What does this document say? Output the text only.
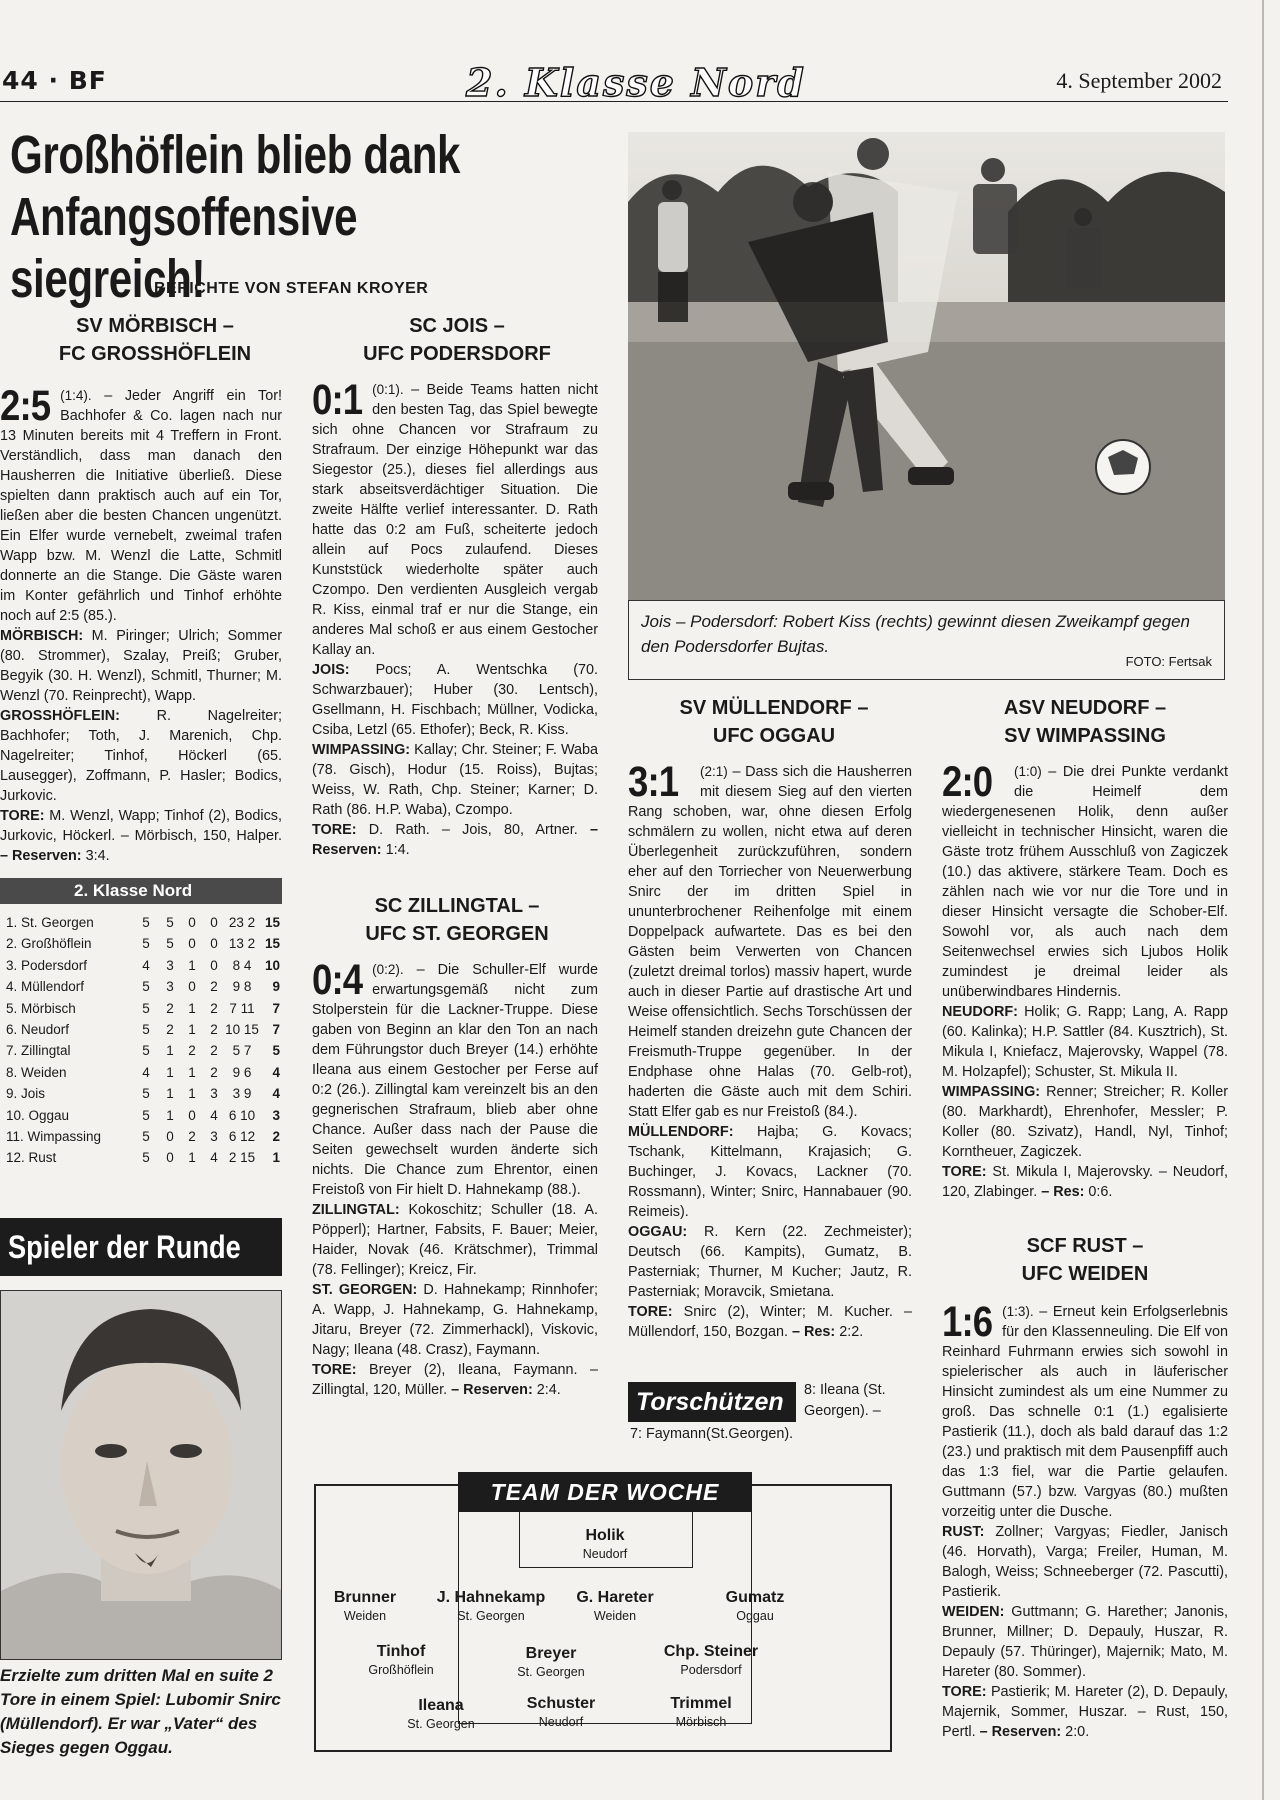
44 · BF	2. Klasse Nord	4. September 2002
Großhöflein blieb dank
Anfangsoffensive siegreich!
BERICHTE VON STEFAN KROYER
SV MÖRBISCH –
FC GROSSHÖFLEIN

2:5 (1:4). – Jeder Angriff ein Tor! Bachhofer & Co. lagen nach nur 13 Minuten bereits mit 4 Treffern in Front. Verständlich, dass man danach den Hausherren die Initiative überließ. Diese spielten dann praktisch auch auf ein Tor, ließen aber die besten Chancen ungenützt. Ein Elfer wurde vernebelt, zweimal trafen Wapp bzw. M. Wenzl die Latte, Schmitl donnerte an die Stange. Die Gäste waren im Konter gefährlich und Tinhof erhöhte noch auf 2:5 (85.).

MÖRBISCH: M. Piringer; Ulrich; Sommer (80. Strommer), Szalay, Preiß; Gruber, Begyik (30. H. Wenzl), Schmitl, Thurner; M. Wenzl (70. Reinprecht), Wapp.

GROSSHÖFLEIN: R. Nagelreiter; Bachhofer; Toth, J. Marenich, Chp. Nagelreiter; Tinhof, Höckerl (65. Lausegger), Zoffmann, P. Hasler; Bodics, Jurkovic.

TORE: M. Wenzl, Wapp; Tinhof (2), Bodics, Jurkovic, Höckerl. – Mörbisch, 150, Halper. – Reserven: 3:4.

SC JOIS –
UFC PODERSDORF

0:1 (0:1). – Beide Teams hatten nicht den besten Tag, das Spiel bewegte sich ohne Chancen vor Strafraum zu Strafraum. Der einzige Höhepunkt war das Siegestor (25.), dieses fiel allerdings aus stark abseitsverdächtiger Situation. Die zweite Hälfte verlief interessanter. D. Rath hatte das 0:2 am Fuß, scheiterte jedoch allein auf Pocs zulaufend. Dieses Kunststück wiederholte später auch Czompo. Den verdienten Ausgleich vergab R. Kiss, einmal traf er nur die Stange, ein anderes Mal schoß er aus einem Gestocher Kallay an.

JOIS: Pocs; A. Wentschka (70. Schwarzbauer); Huber (30. Lentsch), Gsellmann, H. Fischbach; Müllner, Vodicka, Csiba, Letzl (65. Ethofer); Beck, R. Kiss.

WIMPASSING: Kallay; Chr. Steiner; F. Waba (78. Gisch), Hodur (15. Roiss), Bujtas; Weiss, W. Rath, Chp. Steiner; Karner; D. Rath (86. H.P. Waba), Czompo.

TORE: D. Rath. – Jois, 80, Artner. – Reserven: 1:4.

SC ZILLINGTAL –
UFC ST. GEORGEN

0:4 (0:2). – Die Schuller-Elf wurde erwartungsgemäß nicht zum Stolperstein für die Lackner-Truppe. Diese gaben von Beginn an klar den Ton an nach dem Führungstor duch Breyer (14.) erhöhte Ileana aus einem Gestocher per Ferse auf 0:2 (26.). Zillingtal kam vereinzelt bis an den gegnerischen Strafraum, blieb aber ohne Chance. Außer dass nach der Pause die Seiten gewechselt wurden änderte sich nichts. Die Chance zum Ehrentor, einen Freistoß von Fir hielt D. Hahnekamp (88.).

ZILLINGTAL: Kokoschitz; Schuller (18. A. Pöpperl); Hartner, Fabsits, F. Bauer; Meier, Haider, Novak (46. Krätschmer), Trimmal (78. Fellinger); Kreicz, Fir.

ST. GEORGEN: D. Hahnekamp; Rinnhofer; A. Wapp, J. Hahnekamp, G. Hahnekamp, Jitaru, Breyer (72. Zimmerhackl), Viskovic, Nagy; Ileana (48. Crasz), Faymann.

TORE: Breyer (2), Ileana, Faymann. – Zillingtal, 120, Müller. – Reserven: 2:4.

Jois – Podersdorf: Robert Kiss (rechts) gewinnt diesen Zweikampf gegen den Podersdorfer Bujtas.
FOTO: Fertsak
SV MÜLLENDORF –
UFC OGGAU

3:1	(2:1) – Dass sich die Hausherren mit diesem Sieg auf den vierten Rang schoben, war, ohne diesen Erfolg schmälern zu wollen, nicht etwa auf deren Überlegenheit zurückzuführen, sondern eher auf den Torriecher von Neuerwerbung Snirc der im dritten Spiel in ununterbrochener Reihenfolge mit einem Doppelpack aufwartete. Das es bei den Gästen beim Verwerten von Chancen (zuletzt dreimal torlos) massiv hapert, wurde auch in dieser Partie auf drastische Art und Weise offensichtlich. Sechs Torschüssen der Heimelf standen dreizehn gute Chancen der Freismuth-Truppe gegenüber. In der Endphase ohne Halas (70. Gelb-rot), haderten die Gäste auch mit dem Schiri. Statt Elfer gab es nur Freistoß (84.).

MÜLLENDORF: Hajba; G. Kovacs; Tschank, Kittelmann, Krajasich; G. Buchinger, J. Kovacs, Lackner (70. Rossmann), Winter; Snirc, Hannabauer (90. Reimeis).

OGGAU: R. Kern (22. Zechmeister); Deutsch (66. Kampits), Gumatz, B. Pasterniak; Thurner, M Kucher; Jautz, R. Pasterniak; Moravcik, Smietana.

TORE: Snirc (2), Winter; M. Kucher. – Müllendorf, 150, Bozgan. – Res: 2:2.

Torschützen	8: Ileana (St. Georgen). –
7: Faymann(St.Georgen).
ASV NEUDORF –
SV WIMPASSING

2:0	(1:0) – Die drei Punkte verdankt die Heimelf dem wiedergenesenen Holik, denn außer vielleicht in technischer Hinsicht, waren die Gäste trotz frühem Ausschluß von Zagiczek (10.) das aktivere, stärkere Team. Doch es zählen nach wie vor nur die Tore und in dieser Hinsicht versagte die Schober-Elf. Sowohl vor, als auch nach dem Seitenwechsel erwies sich Ljubos Holik zumindest je dreimal leider als unüberwindbares Hindernis.

NEUDORF: Holik; G. Rapp; Lang, A. Rapp (60. Kalinka); H.P. Sattler (84. Kusztrich), St. Mikula I, Kniefacz, Majerovsky, Wappel (78. M. Holzapfel); Schuster, St. Mikula II.

WIMPASSING: Renner; Streicher; R. Koller (80. Markhardt), Ehrenhofer, Messler; P. Koller (80. Szivatz), Handl, Nyl, Tinhof; Korntheuer, Zagiczek.

TORE: St. Mikula I, Majerovsky. – Neudorf, 120, Zlabinger. – Res: 0:6.

SCF RUST –
UFC WEIDEN

1:6 (1:3). – Erneut kein Erfolgserlebnis für den Klassenneuling. Die Elf von Reinhard Fuhrmann erwies sich sowohl in spielerischer als auch in läuferischer Hinsicht zumindest als um eine Nummer zu groß. Das schnelle 0:1 (1.) egalisierte Pastierik (11.), doch als bald darauf das 1:2 (23.) und praktisch mit dem Pausenpfiff auch das 1:3 fiel, war die Partie gelaufen. Guttmann (57.) bzw. Vargyas (80.) mußten vorzeitig unter die Dusche.

RUST: Zollner; Vargyas; Fiedler, Janisch (46. Horvath), Varga; Freiler, Human, M. Balogh, Weiss; Schneeberger (72. Pascutti), Pastierik.

WEIDEN: Guttmann; G. Harether; Janonis, Brunner, Millner; D. Depauly, Huszar, R. Depauly (57. Thüringer), Majernik; Mato, M. Hareter (80. Sommer).

TORE: Pastierik; M. Hareter (2), D. Depauly, Majernik, Sommer, Huszar. – Rust, 150, Pertl. – Reserven: 2:0.

2. Klasse Nord
1. St. Georgen	5 5 0 0 23 2 15
2. Großhöflein	5 5 0 0 13 2 15
3. Podersdorf	4 3 1 0	8 4	10
4. Müllendorf	5 3 0 2	9 8	9
5. Mörbisch	5 2 1 2 7 11	7
6. Neudorf	5 2 1 2 10 15	7
7. Zillingtal	5 1 2 2	5 7	5
8. Weiden	4 1 1 2	9 6	4
9. Jois	5 1 1 3	3 9	4
10. Oggau	5 1 0 4 6 10	3
11. Wimpassing	5 0 2 3 6 12	2
12. Rust	5 0 1 4 2 15	1
Spieler der Runde
Erzielte zum dritten Mal en suite 2 Tore in einem Spiel: Lubomir Snirc (Müllendorf). Er war „Vater“ des Sieges gegen Oggau.
TEAM DER WOCHE
Holik
Neudorf
Brunner
Weiden
J. Hahnekamp
St. Georgen
G. Hareter
Weiden
Gumatz
Oggau
Tinhof
Großhöflein
Breyer
St. Georgen
Chp. Steiner
Podersdorf
Ileana
St. Georgen
Schuster
Neudorf
Trimmel
Mörbisch
